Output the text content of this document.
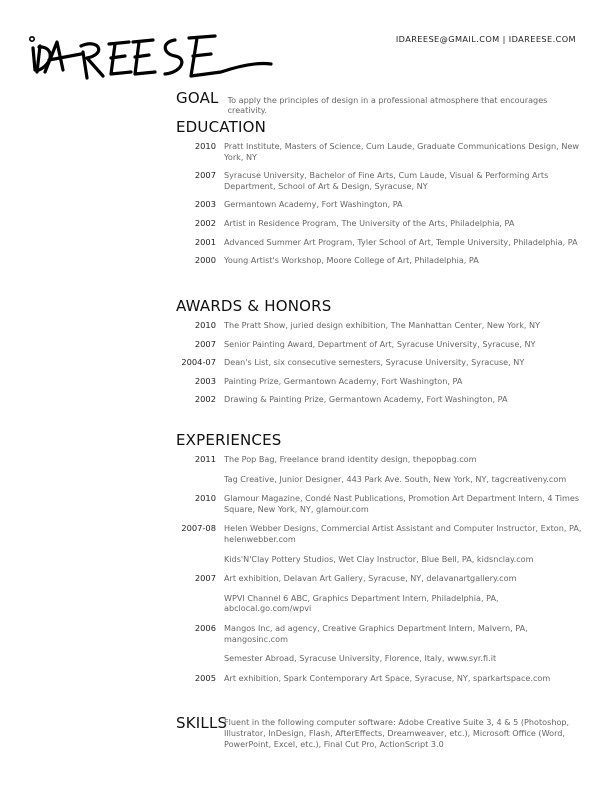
IDAREESE@GMAIL.COM | IDAREESE.COM
GOAL To apply the principles of design in a professional atmosphere that encourages creativity.
EDUCATION
2010 Pratt Institute, Masters of Science, Cum Laude, Graduate Communications Design, New York, NY
2007 Syracuse University, Bachelor of Fine Arts, Cum Laude, Visual & Performing Arts Department, School of Art & Design, Syracuse, NY
2003 Germantown Academy, Fort Washington, PA
2002 Artist in Residence Program, The University of the Arts, Philadelphia, PA
2001 Advanced Summer Art Program, Tyler School of Art, Temple University, Philadelphia, PA
2000 Young Artist's Workshop, Moore College of Art, Philadelphia, PA
AWARDS & HONORS
2010 The Pratt Show, juried design exhibition, The Manhattan Center, New York, NY
2007 Senior Painting Award, Department of Art, Syracuse University, Syracuse, NY
2004-07 Dean's List, six consecutive semesters, Syracuse University, Syracuse, NY
2003 Painting Prize, Germantown Academy, Fort Washington, PA
2002 Drawing & Painting Prize, Germantown Academy, Fort Washington, PA
EXPERIENCES
2011 The Pop Bag, Freelance brand identity design, thepopbag.com
Tag Creative, Junior Designer, 443 Park Ave. South, New York, NY, tagcreativeny.com
2010 Glamour Magazine, Condé Nast Publications, Promotion Art Department Intern, 4 Times Square, New York, NY, glamour.com
2007-08 Helen Webber Designs, Commercial Artist Assistant and Computer Instructor, Exton, PA, helenwebber.com
Kids'N'Clay Pottery Studios, Wet Clay Instructor, Blue Bell, PA, kidsnclay.com
2007 Art exhibition, Delavan Art Gallery, Syracuse, NY, delavanartgallery.com
WPVI Channel 6 ABC, Graphics Department Intern, Philadelphia, PA, abclocal.go.com/wpvi
2006 Mangos Inc, ad agency, Creative Graphics Department Intern, Malvern, PA, mangosinc.com
Semester Abroad, Syracuse University, Florence, Italy, www.syr.fi.it
2005 Art exhibition, Spark Contemporary Art Space, Syracuse, NY, sparkartspace.com
SKILLS
Fluent in the following computer software: Adobe Creative Suite 3, 4 & 5 (Photoshop, Illustrator, InDesign, Flash, AfterEffects, Dreamweaver, etc.), Microsoft Office (Word, PowerPoint, Excel, etc.), Final Cut Pro, ActionScript 3.0
